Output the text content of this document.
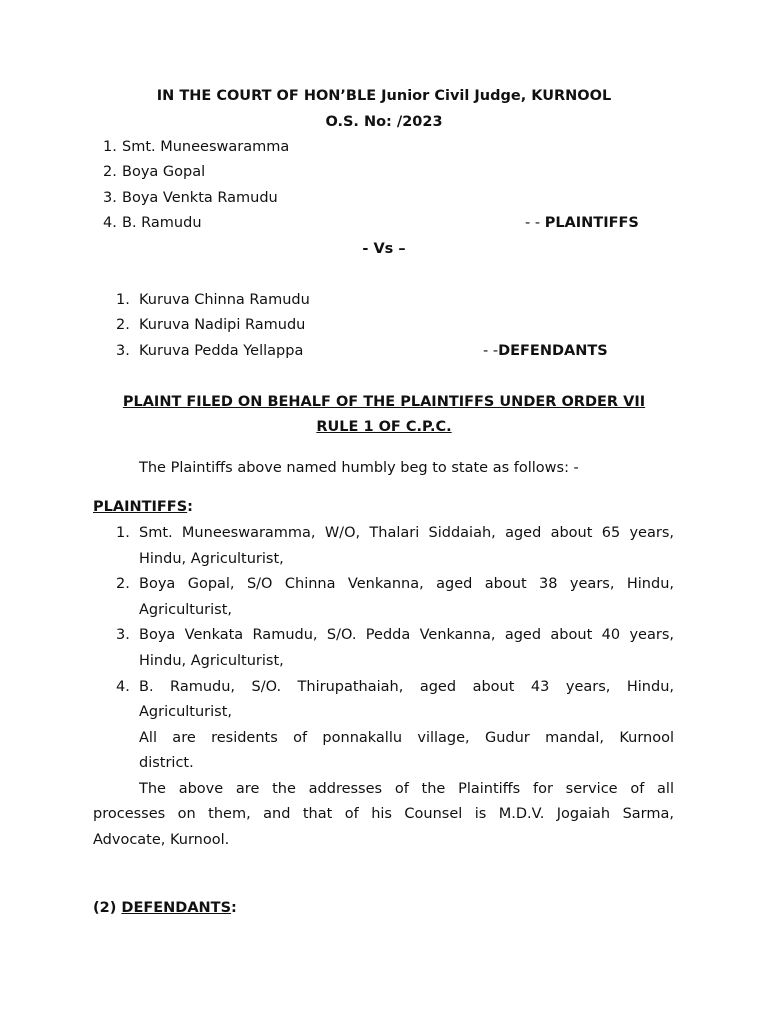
IN THE COURT OF HON’BLE Junior Civil Judge, KURNOOL
O.S. No: /2023
1. Smt. Muneeswaramma
2. Boya Gopal
3. Boya Venkta Ramudu
4. B. Ramudu	- - PLAINTIFFS
- Vs –
1. Kuruva Chinna Ramudu
2. Kuruva Nadipi Ramudu
3. Kuruva Pedda Yellappa	- -DEFENDANTS
PLAINT FILED ON BEHALF OF THE PLAINTIFFS UNDER ORDER VII
RULE 1 OF C.P.C.
The Plaintiffs above named humbly beg to state as follows: -
PLAINTIFFS:
1. Smt. Muneeswaramma, W/O, Thalari Siddaiah, aged about 65 years,
Hindu, Agriculturist,
2. Boya Gopal, S/O Chinna Venkanna, aged about 38 years, Hindu,
Agriculturist,
3. Boya Venkata Ramudu, S/O. Pedda Venkanna, aged about 40 years,
Hindu, Agriculturist,
4. B. Ramudu, S/O. Thirupathaiah, aged about 43 years, Hindu,
Agriculturist,
All are residents of ponnakallu village, Gudur mandal, Kurnool
district.
The above are the addresses of the Plaintiffs for service of all
processes on them, and that of his Counsel is M.D.V. Jogaiah Sarma,
Advocate, Kurnool.
(2) DEFENDANTS:
